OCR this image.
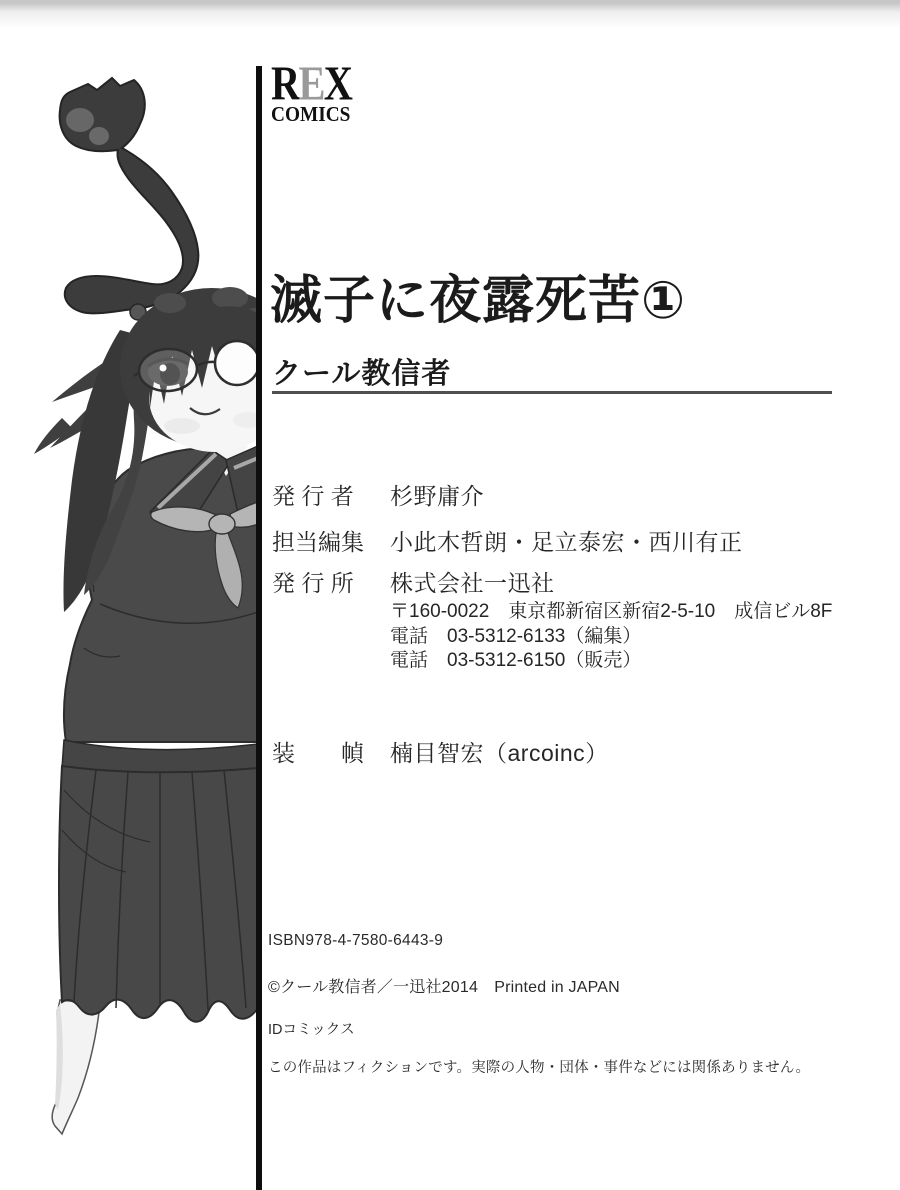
REX
COMICS
滅子に夜露死苦①
クール教信者
発 行 者	杉野庸介
担当編集	小此木哲朗・足立泰宏・西川有正
発 行 所	株式会社一迅社
〒160-0022　東京都新宿区新宿2-5-10　成信ビル8F
電話　03-5312-6133（編集）
電話　03-5312-6150（販売）
装　　幀	楠目智宏（arcoinc）
ISBN978-4-7580-6443-9
©クール教信者／一迅社2014　Printed in JAPAN
IDコミックス
この作品はフィクションです。実際の人物・団体・事件などには関係ありません。
